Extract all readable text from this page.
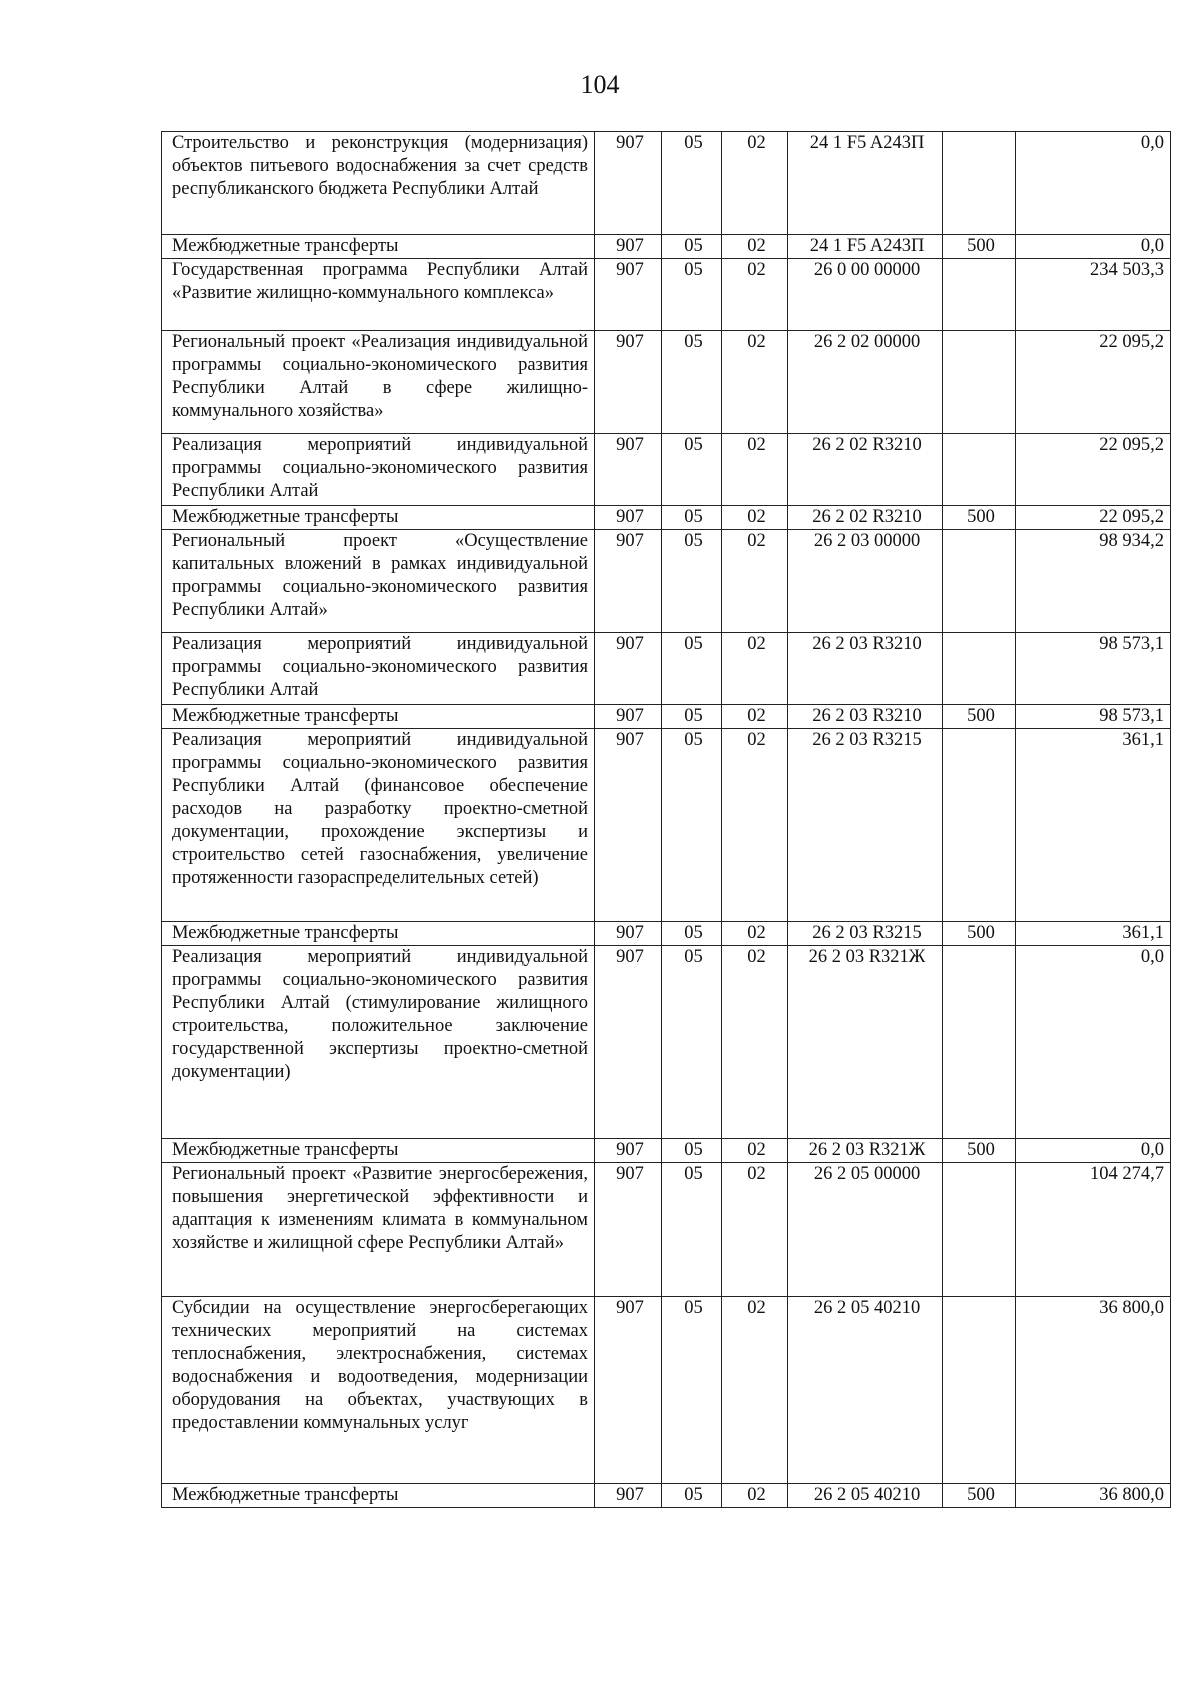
104
Строительство и реконструкция (модернизация) объектов питьевого водоснабжения за счет средств республиканского бюджета Республики Алтай	907	05	02	24 1 F5 A243П		0,0
Межбюджетные трансферты	907	05	02	24 1 F5 A243П	500	0,0
Государственная программа Республики Алтай «Развитие жилищно-коммунального комплекса»	907	05	02	26 0 00 00000		234 503,3
Региональный проект «Реализация индивидуальной программы социально-экономического развития Республики Алтай в сфере жилищно-коммунального хозяйства»	907	05	02	26 2 02 00000		22 095,2
Реализация мероприятий индивидуальной программы социально-экономического развития Республики Алтай	907	05	02	26 2 02 R3210		22 095,2
Межбюджетные трансферты	907	05	02	26 2 02 R3210	500	22 095,2
Региональный проект «Осуществление капитальных вложений в рамках индивидуальной программы социально-экономического развития Республики Алтай»	907	05	02	26 2 03 00000		98 934,2
Реализация мероприятий индивидуальной программы социально-экономического развития Республики Алтай	907	05	02	26 2 03 R3210		98 573,1
Межбюджетные трансферты	907	05	02	26 2 03 R3210	500	98 573,1
Реализация мероприятий индивидуальной программы социально-экономического развития Республики Алтай (финансовое обеспечение расходов на разработку проектно-сметной документации, прохождение экспертизы и строительство сетей газоснабжения, увеличение протяженности газораспределительных сетей)	907	05	02	26 2 03 R3215		361,1
Межбюджетные трансферты	907	05	02	26 2 03 R3215	500	361,1
Реализация мероприятий индивидуальной программы социально-экономического развития Республики Алтай (стимулирование жилищного строительства, положительное заключение государственной экспертизы проектно-сметной документации)	907	05	02	26 2 03 R321Ж		0,0
Межбюджетные трансферты	907	05	02	26 2 03 R321Ж	500	0,0
Региональный проект «Развитие энергосбережения, повышения энергетической эффективности и адаптация к изменениям климата в коммунальном хозяйстве и жилищной сфере Республики Алтай»	907	05	02	26 2 05 00000		104 274,7
Субсидии на осуществление энергосберегающих технических мероприятий на системах теплоснабжения, электроснабжения, системах водоснабжения и водоотведения, модернизации оборудования на объектах, участвующих в предоставлении коммунальных услуг	907	05	02	26 2 05 40210		36 800,0
Межбюджетные трансферты	907	05	02	26 2 05 40210	500	36 800,0
